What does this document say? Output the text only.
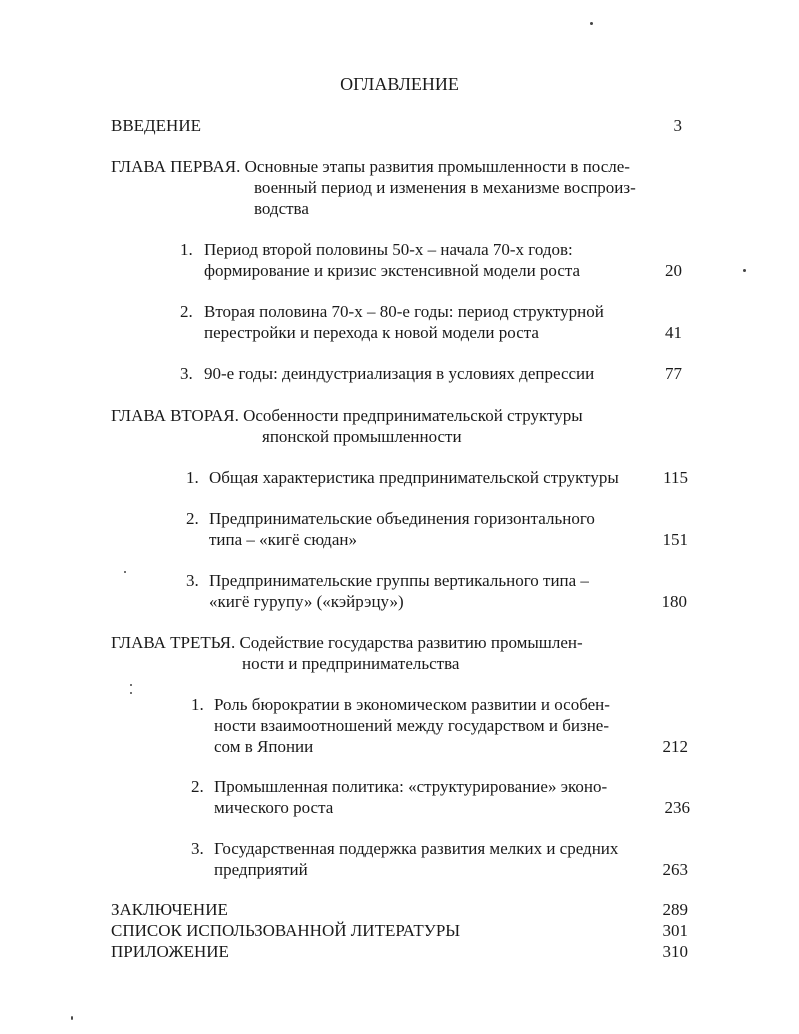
ОГЛАВЛЕНИЕ
ВВЕДЕНИЕ	3
ГЛАВА ПЕРВАЯ. Основные этапы развития промышленности в после-
военный период и изменения в механизме воспроиз-
водства
1. Период второй половины 50-х – начала 70-х годов:
формирование и кризис экстенсивной модели роста	20
2. Вторая половина 70-х – 80-е годы: период структурной
перестройки и перехода к новой модели роста	41
3. 90-е годы: деиндустриализация в условиях депрессии	77
ГЛАВА ВТОРАЯ. Особенности предпринимательской структуры
японской промышленности
1. Общая характеристика предпринимательской структуры	115
2. Предпринимательские объединения горизонтального
типа – «кигё сюдан»	151
3. Предпринимательские группы вертикального типа –
«кигё гурупу» («кэйрэцу»)	180
ГЛАВА ТРЕТЬЯ. Содействие государства развитию промышлен-
ности и предпринимательства
1. Роль бюрократии в экономическом развитии и особен-
ности взаимоотношений между государством и бизне-
сом в Японии	212
2. Промышленная политика: «структурирование» эконо-
мического роста	236
3. Государственная поддержка развития мелких и средних
предприятий	263
ЗАКЛЮЧЕНИЕ	289
СПИСОК ИСПОЛЬЗОВАННОЙ ЛИТЕРАТУРЫ	301
ПРИЛОЖЕНИЕ	310
